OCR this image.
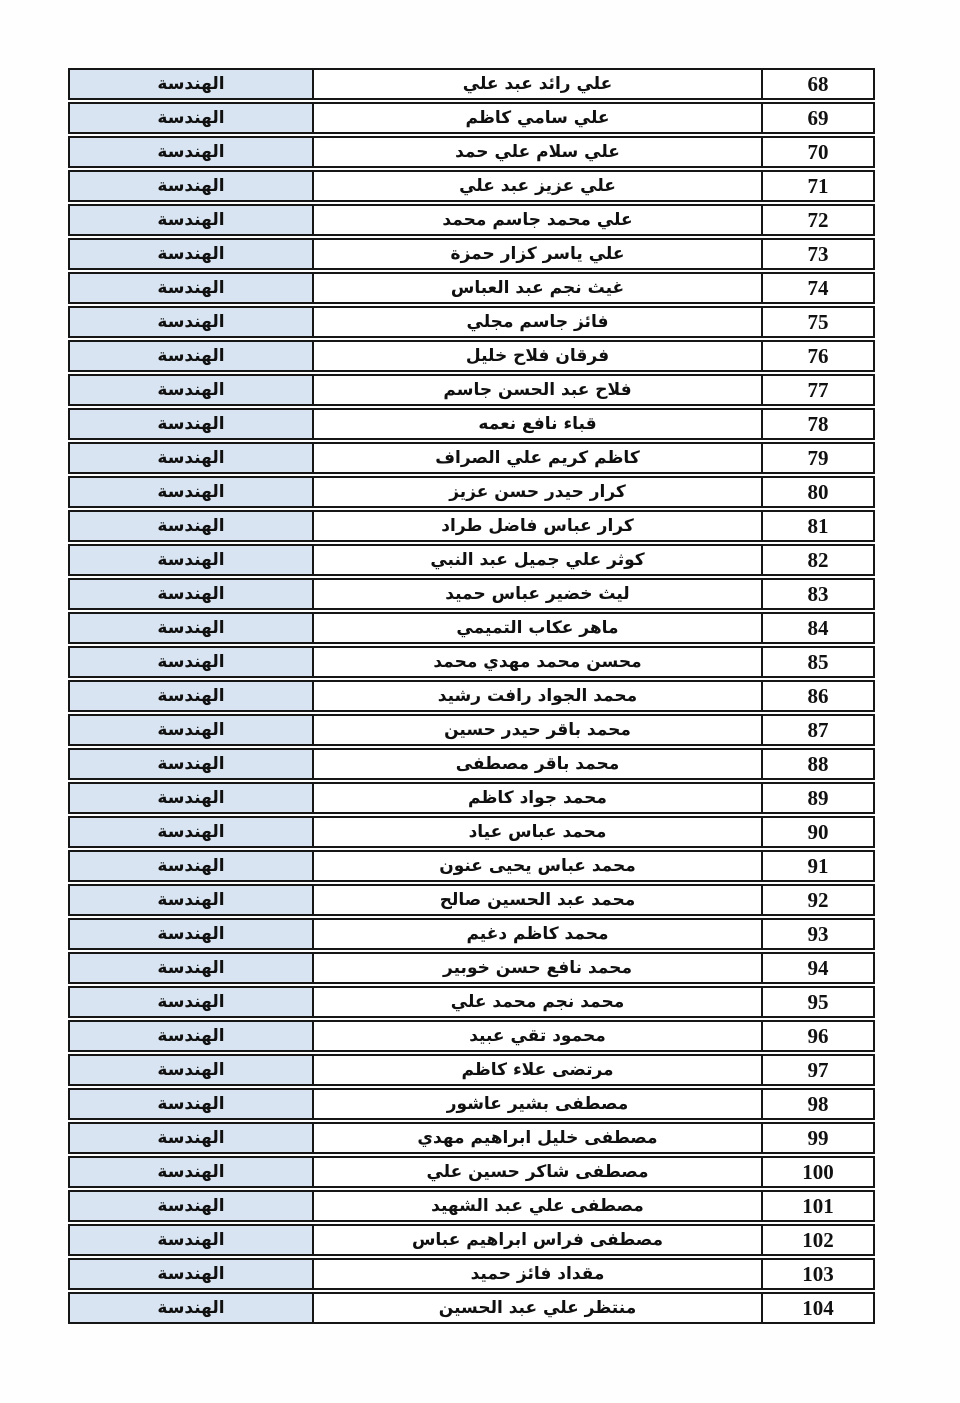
68
علي رائد عبد علي
الهندسة
69
علي سامي كاظم
الهندسة
70
علي سلام علي حمد
الهندسة
71
علي عزيز عبد علي
الهندسة
72
علي محمد جاسم محمد
الهندسة
73
علي ياسر كزار حمزة
الهندسة
74
غيث نجم عبد العباس
الهندسة
75
فائز جاسم مجلي
الهندسة
76
فرقان فلاح خليل
الهندسة
77
فلاح عبد الحسن جاسم
الهندسة
78
قباء نافع نعمه
الهندسة
79
كاظم كريم علي الصراف
الهندسة
80
كرار حيدر حسن عزيز
الهندسة
81
كرار عباس فاضل طراد
الهندسة
82
كوثر علي جميل عبد النبي
الهندسة
83
ليث خضير عباس حميد
الهندسة
84
ماهر عكاب التميمي
الهندسة
85
محسن محمد مهدي محمد
الهندسة
86
محمد الجواد رافت رشيد
الهندسة
87
محمد باقر حيدر حسين
الهندسة
88
محمد باقر مصطفى
الهندسة
89
محمد جواد كاظم
الهندسة
90
محمد عباس عياد
الهندسة
91
محمد عباس يحيى عنون
الهندسة
92
محمد عبد الحسين صالح
الهندسة
93
محمد كاظم دغيم
الهندسة
94
محمد نافع حسن خوبير
الهندسة
95
محمد نجم محمد علي
الهندسة
96
محمود تقي عبيد
الهندسة
97
مرتضى علاء كاظم
الهندسة
98
مصطفى بشير عاشور
الهندسة
99
مصطفى خليل ابراهيم مهدي
الهندسة
100
مصطفى شاكر حسين علي
الهندسة
101
مصطفى علي عبد الشهيد
الهندسة
102
مصطفى فراس ابراهيم عباس
الهندسة
103
مقداد فائز حميد
الهندسة
104
منتظر علي عبد الحسين
الهندسة
